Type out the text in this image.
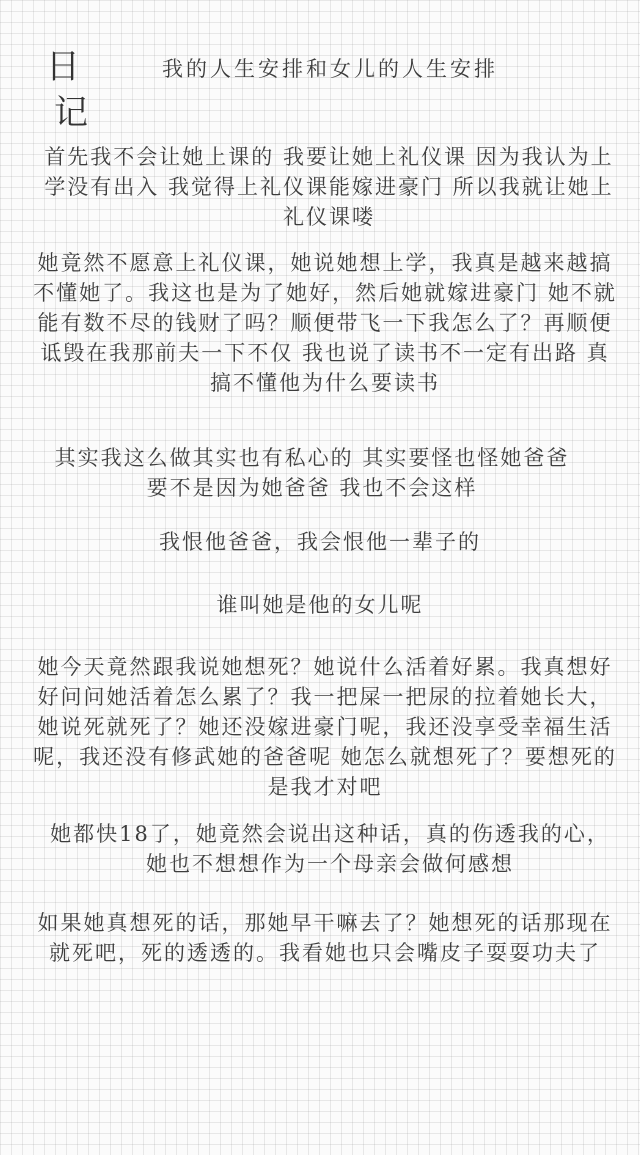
日
记
我的人生安排和女儿的人生安排
首先我不会让她上课的 我要让她上礼仪课 因为我认为上学没有出入 我觉得上礼仪课能嫁进豪门 所以我就让她上礼仪课喽
她竟然不愿意上礼仪课，她说她想上学，我真是越来越搞不懂她了。我这也是为了她好，然后她就嫁进豪门 她不就能有数不尽的钱财了吗？顺便带飞一下我怎么了？再顺便诋毁在我那前夫一下不仅 我也说了读书不一定有出路 真搞不懂他为什么要读书
其实我这么做其实也有私心的 其实要怪也怪她爸爸 要不是因为她爸爸 我也不会这样
我恨他爸爸，我会恨他一辈子的
谁叫她是他的女儿呢
她今天竟然跟我说她想死？她说什么活着好累。我真想好好问问她活着怎么累了？我一把屎一把尿的拉着她长大，她说死就死了？她还没嫁进豪门呢，我还没享受幸福生活呢，我还没有修武她的爸爸呢 她怎么就想死了？要想死的是我才对吧
她都快18了，她竟然会说出这种话，真的伤透我的心，她也不想想作为一个母亲会做何感想
如果她真想死的话，那她早干嘛去了？她想死的话那现在就死吧，死的透透的。我看她也只会嘴皮子耍耍功夫了
